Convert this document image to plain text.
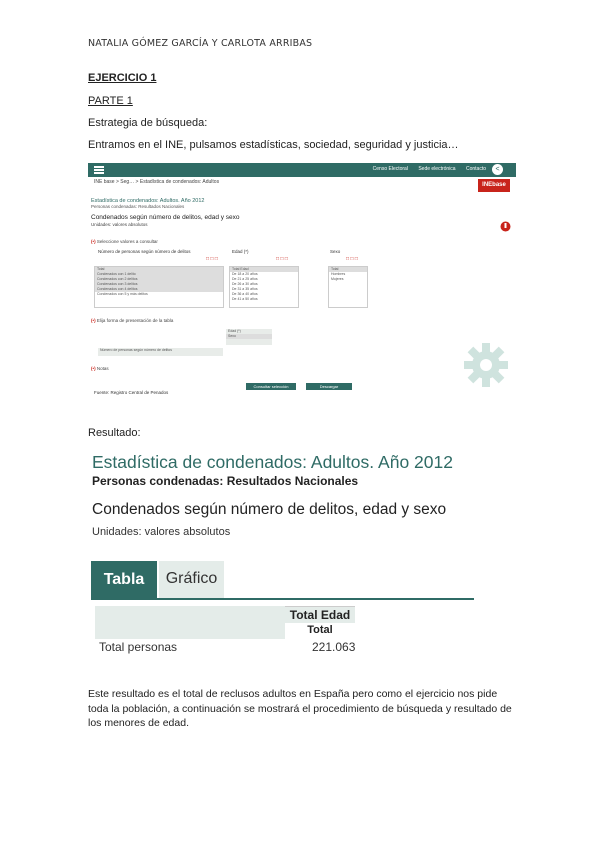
NATALIA GÓMEZ GARCÍA Y CARLOTA ARRIBAS
EJERCICIO 1
PARTE 1
Estrategia de búsqueda:
Entramos en el INE, pulsamos estadísticas, sociedad, seguridad y justicia…
Censo Electoral Sede electrónica Contacto	<
INE base > Seg… > Estadística de condenados: Adultos	INEbase
Estadística de condenados: Adultos. Año 2012
Personas condenadas: Resultados Nacionales
Condenados según número de delitos, edad y sexo
Unidades: valores absolutos
(•) Seleccione valores a consultar
Número de personas según número de delitos	Edad (*)	Sexo
□ □ □	□ □ □	□ □ □
Total
Condenados con 1 delito
Condenados con 2 delitos
Condenados con 3 delitos
Condenados con 4 delitos
Condenados con 5 y más delitos
Total Edad
De 18 a 20 años
De 21 a 25 años
De 26 a 30 años
De 31 a 35 años
De 36 a 40 años
De 41 a 50 años
Total
Hombres
Mujeres
(•) Elija forma de presentación de la tabla
Edad (*)
Sexo
Número de personas según número de delitos
(•) Notas
Consultar selección	Descargar
Fuente: Registro Central de Penados
Resultado:
Estadística de condenados: Adultos. Año 2012
Personas condenadas: Resultados Nacionales
Condenados según número de delitos, edad y sexo
Unidades: valores absolutos
Tabla	Gráfico
Total Edad
Total
Total personas	221.063
Este resultado es el total de reclusos adultos en España pero como el ejercicio nos pide toda la población, a continuación se mostrará el procedimiento de búsqueda y resultado de los menores de edad.
